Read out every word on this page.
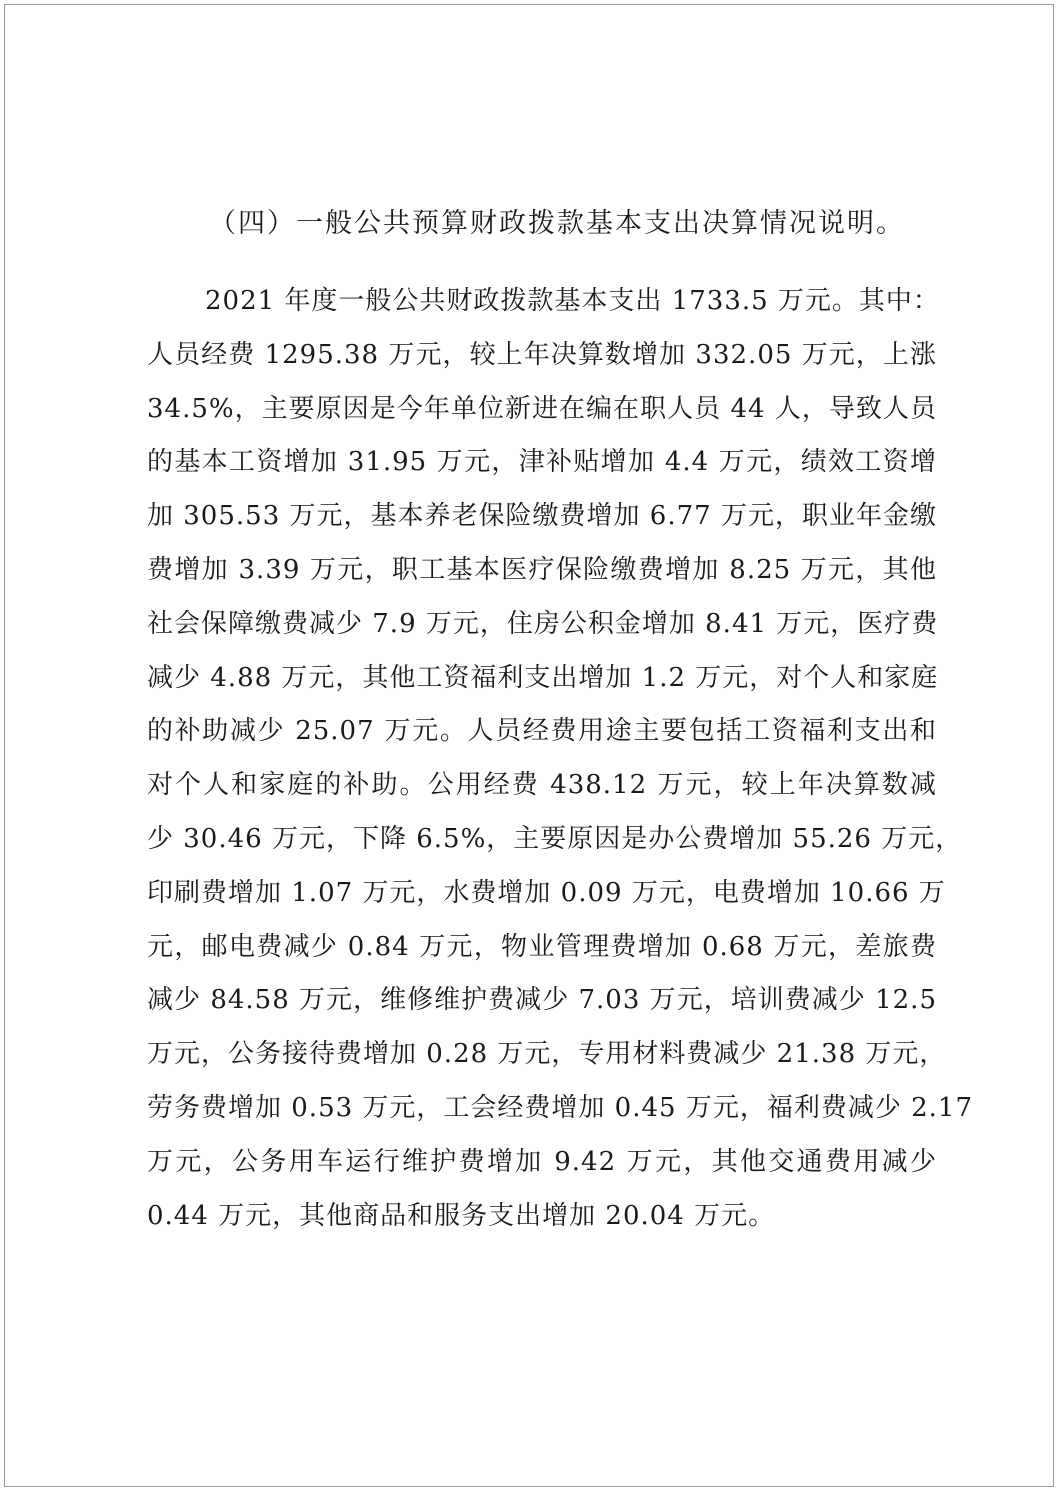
（四）一般公共预算财政拨款基本支出决算情况说明。
2021 年度一般公共财政拨款基本支出 1733.5 万元。其中：
人员经费 1295.38 万元，较上年决算数增加 332.05 万元，上涨
34.5%，主要原因是今年单位新进在编在职人员 44 人，导致人员
的基本工资增加 31.95 万元，津补贴增加 4.4 万元，绩效工资增
加 305.53 万元，基本养老保险缴费增加 6.77 万元，职业年金缴
费增加 3.39 万元，职工基本医疗保险缴费增加 8.25 万元，其他
社会保障缴费减少 7.9 万元，住房公积金增加 8.41 万元，医疗费
减少 4.88 万元，其他工资福利支出增加 1.2 万元，对个人和家庭
的补助减少 25.07 万元。人员经费用途主要包括工资福利支出和
对个人和家庭的补助。公用经费 438.12 万元，较上年决算数减
少 30.46 万元，下降 6.5%，主要原因是办公费增加 55.26 万元，
印刷费增加 1.07 万元，水费增加 0.09 万元，电费增加 10.66 万
元，邮电费减少 0.84 万元，物业管理费增加 0.68 万元，差旅费
减少 84.58 万元，维修维护费减少 7.03 万元，培训费减少 12.5
万元，公务接待费增加 0.28 万元，专用材料费减少 21.38 万元，
劳务费增加 0.53 万元，工会经费增加 0.45 万元，福利费减少 2.17
万元，公务用车运行维护费增加 9.42 万元，其他交通费用减少
0.44 万元，其他商品和服务支出增加 20.04 万元。
